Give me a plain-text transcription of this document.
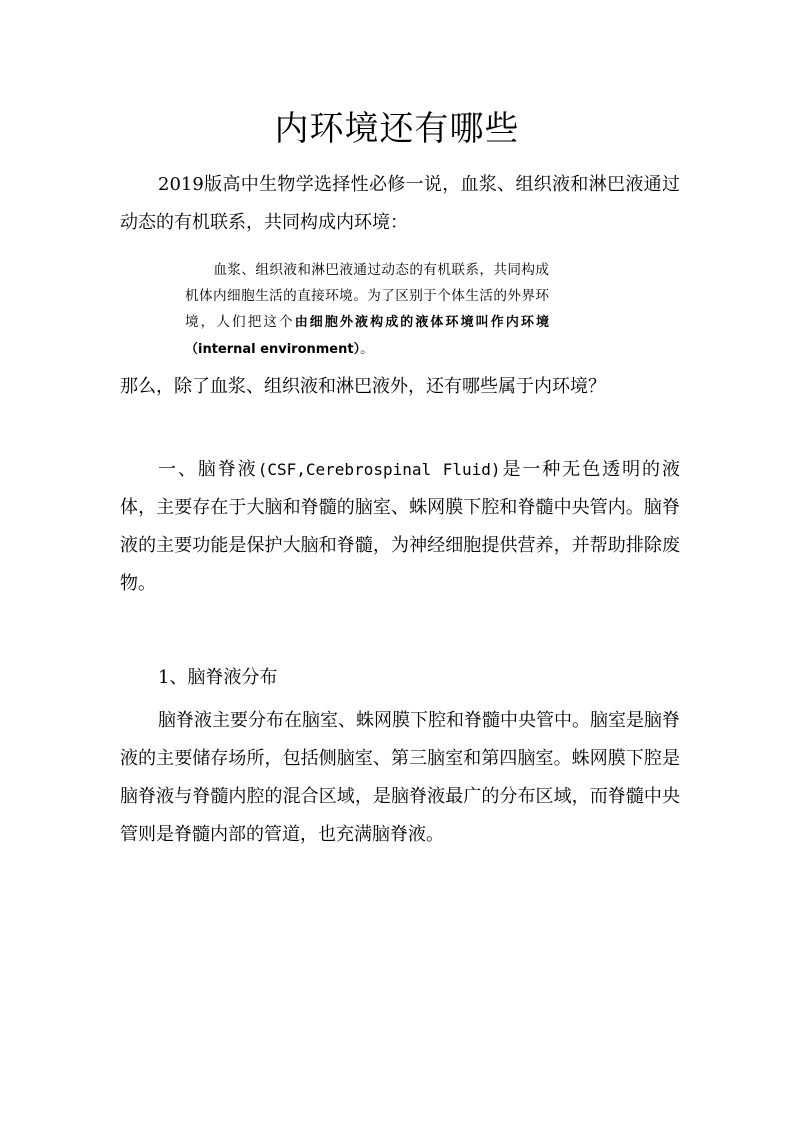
内环境还有哪些

2019版高中生物学选择性必修一说，血浆、组织液和淋巴液通过动态的有机联系，共同构成内环境：

血浆、组织液和淋巴液通过动态的有机联系，共同构成机体内细胞生活的直接环境。为了区别于个体生活的外界环境，人们把这个由细胞外液构成的液体环境叫作内环境（internal environment）。

那么，除了血浆、组织液和淋巴液外，还有哪些属于内环境？

一、脑脊液(CSF,Cerebrospinal Fluid)是一种无色透明的液体，主要存在于大脑和脊髓的脑室、蛛网膜下腔和脊髓中央管内。脑脊液的主要功能是保护大脑和脊髓，为神经细胞提供营养，并帮助排除废物。

1、脑脊液分布

脑脊液主要分布在脑室、蛛网膜下腔和脊髓中央管中。脑室是脑脊液的主要储存场所，包括侧脑室、第三脑室和第四脑室。蛛网膜下腔是脑脊液与脊髓内腔的混合区域，是脑脊液最广的分布区域，而脊髓中央管则是脊髓内部的管道，也充满脑脊液。
